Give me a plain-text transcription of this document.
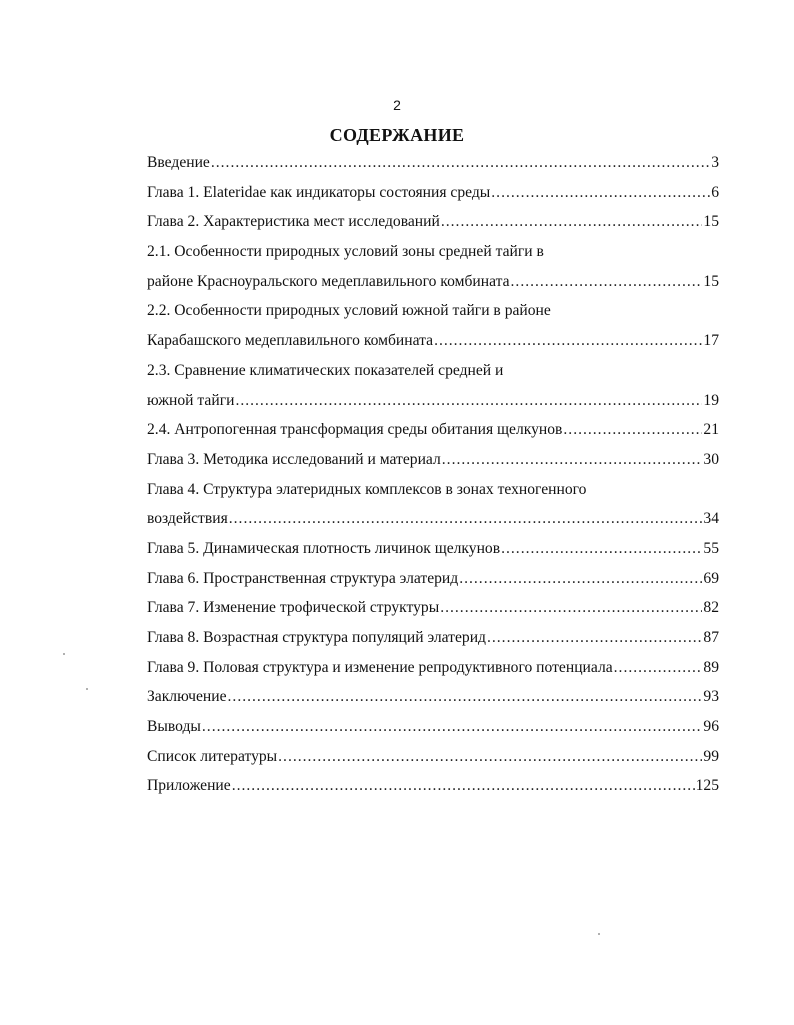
2
СОДЕРЖАНИЕ
Введение .....	3
Глава 1. Elateridae как индикаторы состояния среды .....	6
Глава 2. Характеристика мест исследований .....	15
2.1. Особенности природных условий зоны средней тайги в
районе Красноуральского медеплавильного комбината .....	15
2.2. Особенности природных условий южной тайги в районе
Карабашского медеплавильного комбината .....	17
2.3. Сравнение климатических показателей средней и
южной тайги .....	19
2.4. Антропогенная трансформация среды обитания щелкунов .....	21
Глава 3. Методика исследований и материал .....	30
Глава 4. Структура элатеридных комплексов в зонах техногенного
воздействия .....	34
Глава 5. Динамическая плотность личинок щелкунов .....	55
Глава 6. Пространственная структура элатерид .....	69
Глава 7. Изменение трофической структуры .....	82
Глава 8. Возрастная структура популяций элатерид .....	87
Глава 9. Половая структура и изменение репродуктивного потенциала .....	89
Заключение .....	93
Выводы .....	96
Список литературы .....	99
Приложение .....	125
